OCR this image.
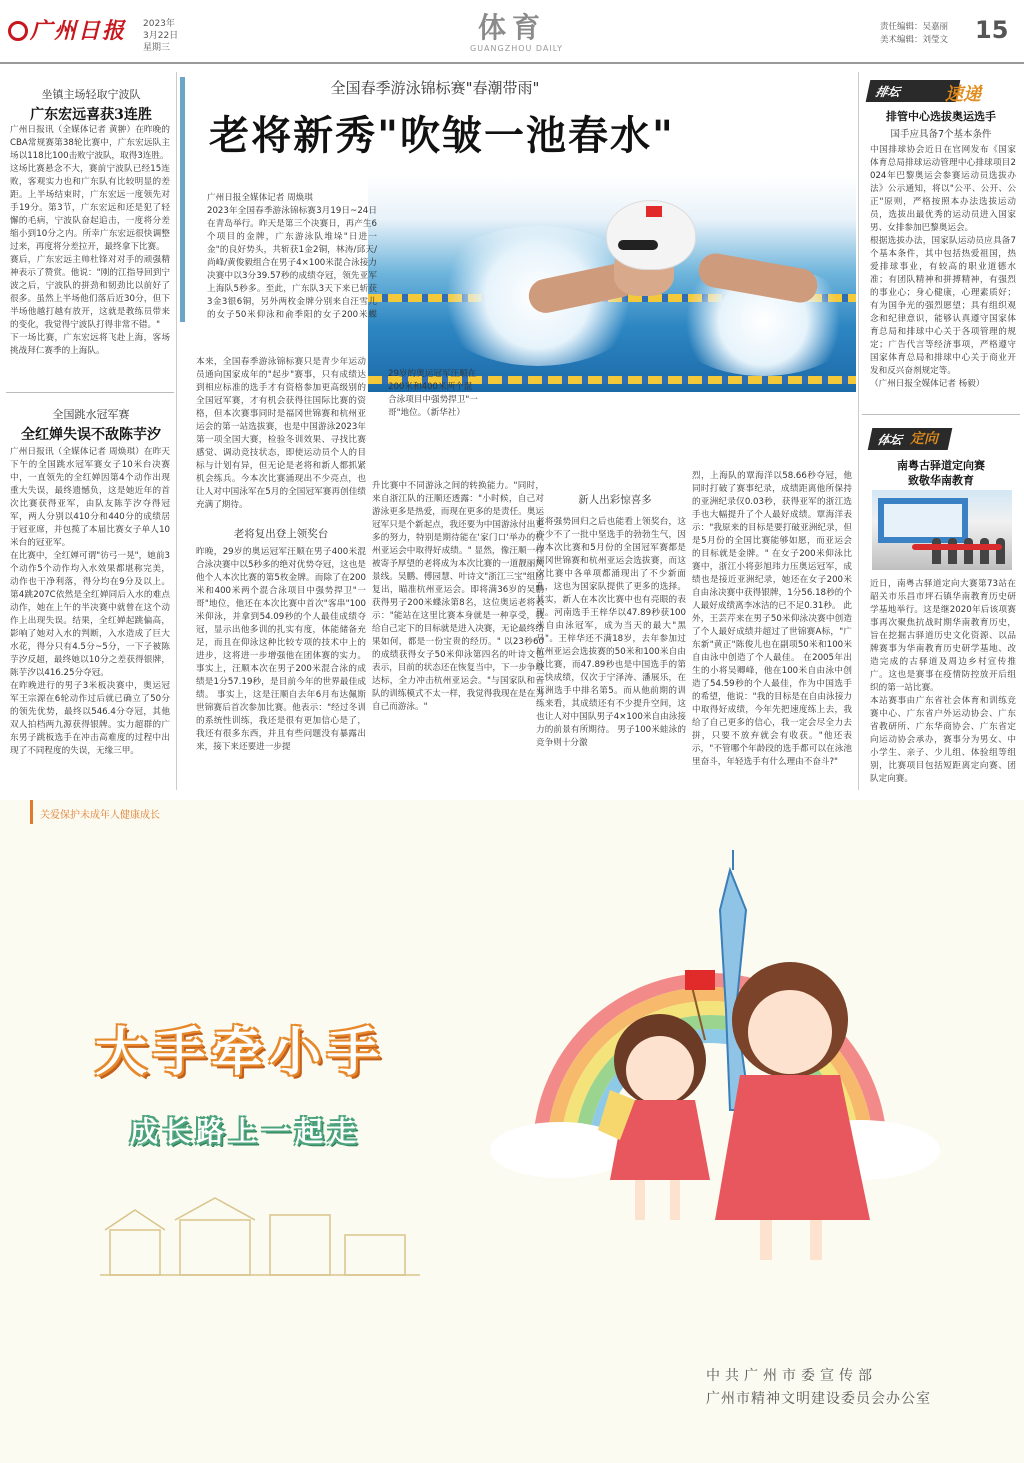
广州日报 2023年
3月22日
星期三
体育
GUANGZHOU DAILY
责任编辑：吴嘉丽
美术编辑：刘瑩文 15
坐镇主场轻取宁波队
广东宏远喜获3连胜
广州日报讯（全媒体记者 黄翀）在昨晚的CBA常规赛第38轮比赛中，广东宏远队主场以118比100击败宁波队，取得3连胜。
这场比赛悬念不大，赛前宁波队已经15连败，客观实力也和广东队有比较明显的差距。上半场结束时，广东宏远一度领先对手19分。第3节，广东宏远和还是犯了轻懈的毛病，宁波队奋起追击，一度将分差缩小到10分之内。所幸广东宏远很快调整过来，再度将分差拉开，最终拿下比赛。
赛后，广东宏远主帅杜锋对对手的顽强精神表示了赞赏。他说："刚的江指导回到宁波之后，宁波队的拼劲和韧劲比以前好了很多。虽然上半场他们落后近30分，但下半场他越打越有放开，这就是教练员带来的变化，我觉得宁波队打得非常不错。"
下一场比赛，广东宏远将飞赴上海，客场挑战拜仁赛季的上海队。
全国跳水冠军赛
全红婵失误不敌陈芋汐
广州日报讯（全媒体记者 周焕琪）在昨天下午的全国跳水冠军赛女子10米台决赛中，一直领先的全红婵因第4个动作出现重大失误，最终遗憾负，这是她近年的首次比赛获得亚军，由队友陈芋汐夺得冠军，两人分别以410分和440分的成绩居于冠亚席，并包揽了本届比赛女子单人10米台的冠亚军。
在比赛中，全红婵可谓"彷弓一晃"，她前3个动作5个动作均入水效果都堪称完美，动作也干净利落，得分均在9分及以上。第4跳207C依然是全红婵同后入水的难点动作，她在上午的半决赛中就曾在这个动作上出现失误。结果，全红婵起跳偏高，影响了她对入水的判断，入水造成了巨大水花，得分只有4.5分~5分，一下子被陈芋汐反超，最终她以10分之差获得银牌，陈芋汐以416.25分夺冠。
在昨晚进行的男子3米板决赛中，奥运冠军王宗源在6轮动作过后就已确立了50分的领先优势，最终以546.4分夺冠，其他双人拍档两九源获得银牌。实力超群的广东男子跳板选手在冲击高难度的过程中出现了不同程度的失误，无缘三甲。
全国春季游泳锦标赛"春潮带雨"
老将新秀"吹皱一池春水"
广州日报全媒体记者 周焕琪
2023年全国春季游泳锦标赛3月19日~24日在青岛举行。昨天是第三个决赛日，再产生6个项目的金牌，广东游泳队堆垛"日进一金"的良好势头，共斩获1金2铜，林涛/邱天/尚峰/黄俊毅组合在男子4×100米混合泳接力决赛中以3分39.57秒的成绩夺冠，领先亚军上海队5秒多。至此，广东队3天下来已斩获3金3银6铜，另外两枚金牌分别来自汪雪儿的女子50米仰泳和俞季阳的女子200米蝶

29岁的奥运冠军汪顺在200米和400米两个混合泳项目中强势捍卫"一哥"地位。（新华社）
本来，全国春季游泳锦标赛只是青少年运动员通向国家成年的"起步"赛事，只有成绩达到相应标准的选手才有资格参加更高级别的全国冠军赛，才有机会获得往国际比赛的资格，但本次赛事同时是福冈世锦赛和杭州亚运会的第一站选拔赛，也是中国游泳2023年第一项全国大赛，检验冬训效果、寻找比赛感觉、调动竞技状态，即使运动员个人的目标与计划有异，但无论是老将和新人都抓紧机会练兵。今本次比赛涌现出不少亮点，也让人对中国泳军在5月的全国冠军赛再创佳绩充满了期待。
老将复出登上领奖台
昨晚，29岁的奥运冠军汪顺在男子400米混合泳决赛中以5秒多的绝对优势夺冠，这也是他个人本次比赛的第5枚金牌。而除了在200米和400米两个混合泳项目中强势捍卫"一哥"地位，他还在本次比赛中首次"客串"100米仰泳，并拿到54.09秒的个人最佳成绩夺冠，显示出他多训的扎实有度，体能储备充足，而且在仰泳这种比较专项的技术中上的进步，这将进一步增强他在团体赛的实力。 事实上，汪顺本次在男子200米混合泳的成绩是1分57.19秒，是目前今年的世界最佳成绩。 事实上，这是汪顺自去年6月布达佩斯世锦赛后首次参加比赛。他表示："经过冬训的系统性训练，我还是很有更加信心是了，我还有很多东西，并且有些问题没有暴露出来，接下来还要进一步提
升比赛中不同游泳之间的转换能力。"同时，来自浙江队的汪顺还透露："小时候，自己对游泳更多是热爱，而现在更多的是责任。奥运冠军只是个新起点，我还要为中国游泳付出更多的努力，特别是期待能在'家门口'举办的杭州亚运会中取得好成绩。" 显然，像汪顺一样被寄予厚望的老将成为本次比赛的一道靓丽风景线。吴鹏、傅园慧、叶诗文"浙江三宝"组团复出，瞄准杭州亚运会。即将满36岁的吴鹏获得男子200米蝶泳第8名，这位奥运老将表示："能站在这里比赛本身就是一种享受，我给自己定下的目标就是进入决赛，无论最终结果如何，都是一份宝贵的经历。" 以23秒60的成绩获得女子50米仰泳第四名的叶诗文也表示，目前的状态还在恢复当中，下一步争取达标，全力冲击杭州亚运会。"与国家队和省队的训练模式不太一样，我觉得我现在是在为自己而游泳。"
新人出彩惊喜多
老将强势回归之后也能看上领奖台，这亦少不了一批中坚选手的勃勃生气，因为本次比赛和5月份的全国冠军赛都是福冈世锦赛和杭州亚运会选拔赛，而这次比赛中各单项都涌现出了不少新面孔，这也为国家队提供了更多的选择。 其实，新人在本次比赛中也有亮眼的表现。河南选手王梓华以47.89秒获100米自由泳冠军，成为当天的最大"黑马"。王梓华还不满18岁，去年参加过杭州亚运会选拔赛的50米和100米自由泳比赛，而47.89秒也是中国选手的第三快成绩，仅次于宁泽涛、潘展乐，在亚洲选手中排名第5。而从他前期的训练来看，其成绩还有不少提升空间，这也让人对中国队男子4×100米自由泳接力的前景有所期待。 男子100米蛙泳的竞争则十分激
烈，上海队的覃海洋以58.66秒夺冠，他同时打破了赛事纪录，成绩距离他所保持的亚洲纪录仅0.03秒，获得亚军的浙江选手也大幅提升了个人最好成绩。覃海洋表示："我原来的目标是要打破亚洲纪录，但是5月份的全国比赛能够如愿，而亚运会的目标就是金牌。" 在女子200米仰泳比赛中，浙江小将彭旭玮力压奥运冠军，成绩也是接近亚洲纪录，她还在女子200米自由泳决赛中获得银牌，1分56.18秒的个人最好成绩离李冰洁的已不足0.31秒。 此外，王芸芹来在男子50米仰泳决赛中创造了个人最好成绩并超过了世锦赛A标，"广东新"黄正"陈俊儿也在副项50米和100米自由泳中创造了个人最佳。 在2005年出生的小将吴卿峰，他在100米自由泳中创造了54.59秒的个人最佳，作为中国选手的希望，他说："我的目标是在自由泳接力中取得好成绩，今年先把速度练上去，我给了自己更多的信心，我一定会尽全力去拼，只要不放弃就会有收获。"他还表示，"不管哪个年龄段的选手都可以在泳池里奋斗，年轻选手有什么理由不奋斗?"
排坛	速递
排管中心选拔奥运选手
国手应具备7个基本条件
中国排球协会近日在官网发布《国家体育总局排球运动管理中心排球项目2024年巴黎奥运会参赛运动员选拔办法》公示通知，将以"公平、公开、公正"原则，严格按照本办法选拔运动员，选拔出最优秀的运动员进入国家男、女排参加巴黎奥运会。
根据选拔办法，国家队运动员应具备7个基本条件，其中包括热爱祖国，热爱排球事业，有较高的职业道德水准；有团队精神和拼搏精神，有强烈的事业心；身心健康，心理素质好；有为国争光的强烈愿望；具有组织观念和纪律意识，能够认真遵守国家体育总局和排球中心关于各项管理的规定；广告代言等经济事项，严格遵守国家体育总局和排球中心关于商业开发和反兴奋剂规定等。
（广州日报全媒体记者 杨毅）
体坛 定向
南粤古驿道定向赛
致敬华南教育
近日，南粤古驿道定向大赛第73站在韶关市乐昌市坪石镇华南教育历史研学基地举行。这是继2020年后该项赛事再次聚焦抗战时期华南教育历史，旨在挖掘古驿道历史文化资源、以品牌赛事为华南教育历史研学基地、改造完成的古驿道及周边乡村宣传推广。这也是赛事在疫情防控放开后组织的第一站比赛。
本站赛事由广东省社会体育和训练竞赛中心、广东省户外运动协会、广东省教研所、广东华商协会、广东省定向运动协会承办，赛事分为男女、中小学生、亲子、少儿组、体验组等组别，比赛项目包括短距离定向赛、团队定向赛。

关爱保护未成年人健康成长
大手牵小手
成长路上一起走
中共广州市委宣传部
广州市精神文明建设委员会办公室
